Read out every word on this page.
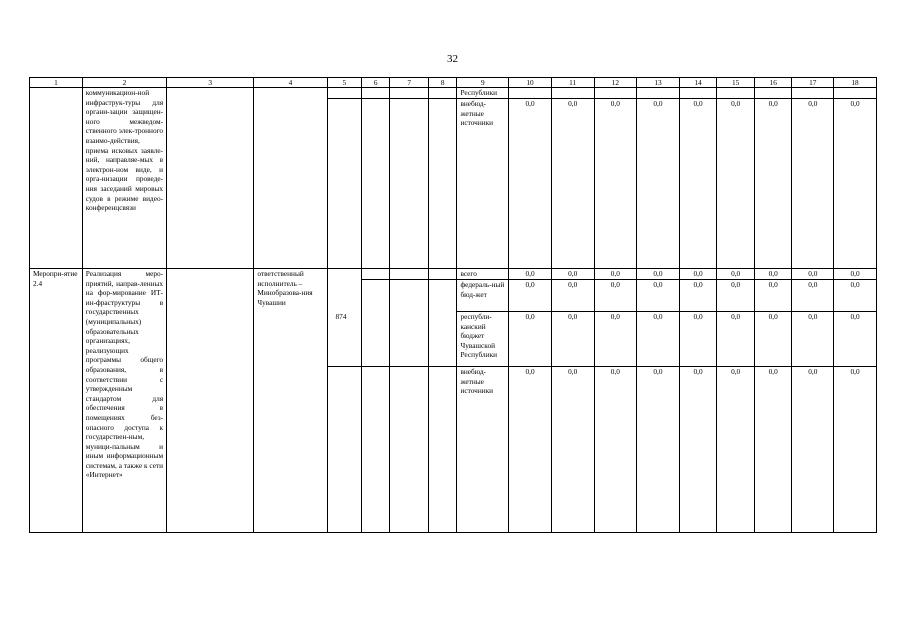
32
1	2	3	4	5	6	7	8	9	10	11	12	13	14	15	16	17	18
	коммуникацион-ной инфраструк-туры для органи-зации защищен-ного межведом-ственного элек-тронного взаимо-действия, приема исковых заявле-ний, направляе-мых в электрон-ном виде, и орга-низации проведе-ния заседаний мировых судов в режиме видео-конференцсвязи							Республики									
								внебюд-жетные источники	0,0	0,0	0,0	0,0	0,0	0,0	0,0	0,0	0,0
Меропри-ятие 2.4	Реализация меро-приятий, направ-ленных на фор-мирование ИТ-ин-фраструктуры в государственных (муниципальных) образовательных организациях, реализующих программы общего образования, в соответствии с утвержденным стандартом для обеспечения в помещениях без-опасного доступа к государствен-ным, муници-пальным и иным информационным системам, а также к сети «Интернет»		ответственный исполнитель – Минобразова-ния Чувашии					всего	0,0	0,0	0,0	0,0	0,0	0,0	0,0	0,0	0,0
								федераль-ный бюд-жет	0,0	0,0	0,0	0,0	0,0	0,0	0,0	0,0	0,0
				874				республи-канский бюджет Чувашской Республики	0,0	0,0	0,0	0,0	0,0	0,0	0,0	0,0	0,0
								внебюд-жетные источники	0,0	0,0	0,0	0,0	0,0	0,0	0,0	0,0	0,0
